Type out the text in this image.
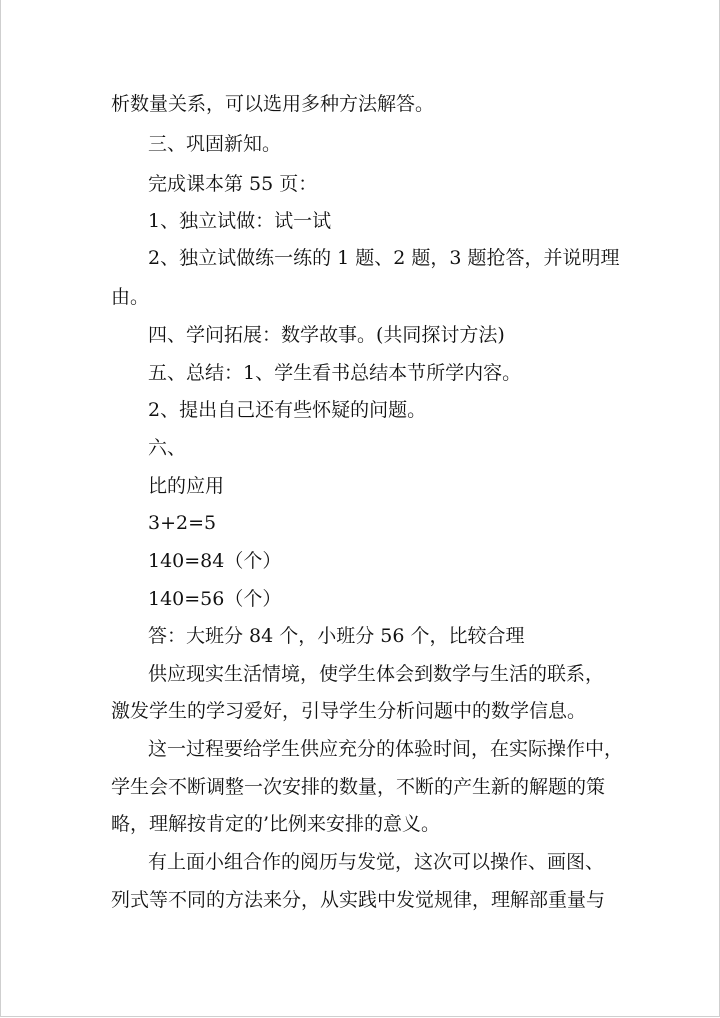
析数量关系，可以选用多种方法解答。
三、巩固新知。
完成课本第 55 页：
1、独立试做：试一试
2、独立试做练一练的 1 题、2 题，3 题抢答，并说明理
由。
四、学问拓展：数学故事。(共同探讨方法)
五、总结：1、学生看书总结本节所学内容。
2、提出自己还有些怀疑的问题。
六、
比的应用
3+2=5
140=84（个）
140=56（个）
答：大班分 84 个，小班分 56 个，比较合理
供应现实生活情境，使学生体会到数学与生活的联系，
激发学生的学习爱好，引导学生分析问题中的数学信息。
这一过程要给学生供应充分的体验时间，在实际操作中，
学生会不断调整一次安排的数量，不断的产生新的解题的策
略，理解按肯定的’比例来安排的意义。
有上面小组合作的阅历与发觉，这次可以操作、画图、
列式等不同的方法来分，从实践中发觉规律，理解部重量与
